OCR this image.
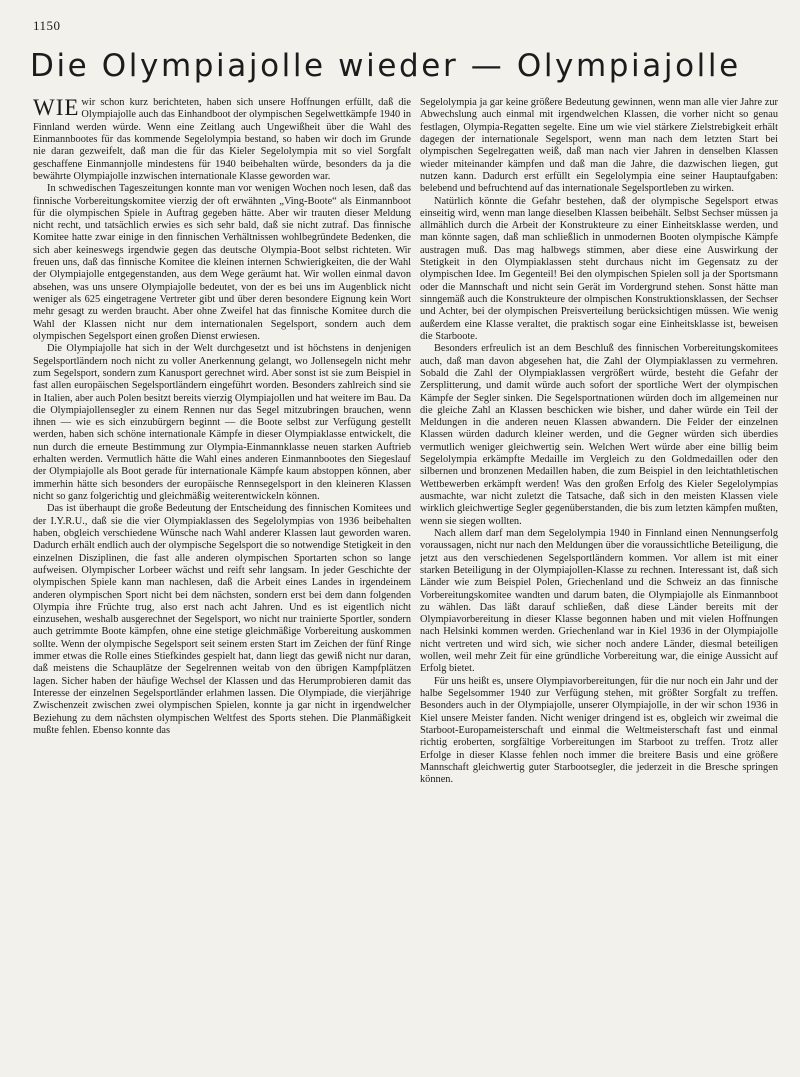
1150
Die Olympiajolle wieder — Olympiajolle

WIE wir schon kurz berichteten, haben sich unsere Hoffnungen erfüllt, daß die Olympiajolle auch das Einhandboot der olympischen Segelwettkämpfe 1940 in Finnland werden würde. Wenn eine Zeitlang auch Ungewißheit über die Wahl des Einmannbootes für das kommende Segelolympia bestand, so haben wir doch im Grunde nie daran gezweifelt, daß man die für das Kieler Segelolympia mit so viel Sorgfalt geschaffene Einmannjolle mindestens für 1940 beibehalten würde, besonders da ja die bewährte Olympiajolle inzwischen internationale Klasse geworden war.

In schwedischen Tageszeitungen konnte man vor wenigen Wochen noch lesen, daß das finnische Vorbereitungskomitee vierzig der oft erwähnten „Ving-Boote“ als Einmannboot für die olympischen Spiele in Auftrag gegeben hätte. Aber wir trauten dieser Meldung nicht recht, und tatsächlich erwies es sich sehr bald, daß sie nicht zutraf. Das finnische Komitee hatte zwar einige in den finnischen Verhältnissen wohlbegründete Bedenken, die sich aber keineswegs irgendwie gegen das deutsche Olympia-Boot selbst richteten. Wir freuen uns, daß das finnische Komitee die kleinen internen Schwierigkeiten, die der Wahl der Olympiajolle entgegenstanden, aus dem Wege geräumt hat. Wir wollen einmal davon absehen, was uns unsere Olympiajolle bedeutet, von der es bei uns im Augenblick nicht weniger als 625 eingetragene Vertreter gibt und über deren besondere Eignung kein Wort mehr gesagt zu werden braucht. Aber ohne Zweifel hat das finnische Komitee durch die Wahl der Klassen nicht nur dem internationalen Segelsport, sondern auch dem olympischen Segelsport einen großen Dienst erwiesen.

Die Olympiajolle hat sich in der Welt durchgesetzt und ist höchstens in denjenigen Segelsportländern noch nicht zu voller Anerkennung gelangt, wo Jollensegeln nicht mehr zum Segelsport, sondern zum Kanusport gerechnet wird. Aber sonst ist sie zum Beispiel in fast allen europäischen Segelsportländern eingeführt worden. Besonders zahlreich sind sie in Italien, aber auch Polen besitzt bereits vierzig Olympiajollen und hat weitere im Bau. Da die Olympiajollensegler zu einem Rennen nur das Segel mitzubringen brauchen, wenn ihnen — wie es sich einzubürgern beginnt — die Boote selbst zur Verfügung gestellt werden, haben sich schöne internationale Kämpfe in dieser Olympiaklasse entwickelt, die nun durch die erneute Bestimmung zur Olympia-Einmannklasse neuen starken Auftrieb erhalten werden. Vermutlich hätte die Wahl eines anderen Einmannbootes den Siegeslauf der Olympiajolle als Boot gerade für internationale Kämpfe kaum abstoppen können, aber immerhin hätte sich besonders der europäische Rennsegelsport in den kleineren Klassen nicht so ganz folgerichtig und gleichmäßig weiterentwickeln können.

Das ist überhaupt die große Bedeutung der Entscheidung des finnischen Komitees und der I.Y.R.U., daß sie die vier Olympiaklassen des Segelolympias von 1936 beibehalten haben, obgleich verschiedene Wünsche nach Wahl anderer Klassen laut geworden waren. Dadurch erhält endlich auch der olympische Segelsport die so notwendige Stetigkeit in den einzelnen Disziplinen, die fast alle anderen olympischen Sportarten schon so lange aufweisen. Olympischer Lorbeer wächst und reift sehr langsam. In jeder Geschichte der olympischen Spiele kann man nachlesen, daß die Arbeit eines Landes in irgendeinem anderen olympischen Sport nicht bei dem nächsten, sondern erst bei dem dann folgenden Olympia ihre Früchte trug, also erst nach acht Jahren. Und es ist eigentlich nicht einzusehen, weshalb ausgerechnet der Segelsport, wo nicht nur trainierte Sportler, sondern auch getrimmte Boote kämpfen, ohne eine stetige gleichmäßige Vorbereitung auskommen sollte. Wenn der olympische Segelsport seit seinem ersten Start im Zeichen der fünf Ringe immer etwas die Rolle eines Stiefkindes gespielt hat, dann liegt das gewiß nicht nur daran, daß meistens die Schauplätze der Segelrennen weitab von den übrigen Kampfplätzen lagen. Sicher haben der häufige Wechsel der Klassen und das Herumprobieren damit das Interesse der einzelnen Segelsportländer erlahmen lassen. Die Olympiade, die vierjährige Zwischenzeit zwischen zwei olympischen Spielen, konnte ja gar nicht in irgendwelcher Beziehung zu dem nächsten olympischen Weltfest des Sports stehen. Die Planmäßigkeit mußte fehlen. Ebenso konnte das

Segelolympia ja gar keine größere Bedeutung gewinnen, wenn man alle vier Jahre zur Abwechslung auch einmal mit irgendwelchen Klassen, die vorher nicht so genau festlagen, Olympia-Regatten segelte. Eine um wie viel stärkere Zielstrebigkeit erhält dagegen der internationale Segelsport, wenn man nach dem letzten Start bei olympischen Segelregatten weiß, daß man nach vier Jahren in denselben Klassen wieder miteinander kämpfen und daß man die Jahre, die dazwischen liegen, gut nutzen kann. Dadurch erst erfüllt ein Segelolympia eine seiner Hauptaufgaben: belebend und befruchtend auf das internationale Segelsportleben zu wirken.

Natürlich könnte die Gefahr bestehen, daß der olympische Segelsport etwas einseitig wird, wenn man lange dieselben Klassen beibehält. Selbst Sechser müssen ja allmählich durch die Arbeit der Konstrukteure zu einer Einheitsklasse werden, und man könnte sagen, daß man schließlich in unmodernen Booten olympische Kämpfe austragen muß. Das mag halbwegs stimmen, aber diese eine Auswirkung der Stetigkeit in den Olympiaklassen steht durchaus nicht im Gegensatz zu der olympischen Idee. Im Gegenteil! Bei den olympischen Spielen soll ja der Sportsmann oder die Mannschaft und nicht sein Gerät im Vordergrund stehen. Sonst hätte man sinngemäß auch die Konstrukteure der olmpischen Konstruktionsklassen, der Sechser und Achter, bei der olympischen Preisverteilung berücksichtigen müssen. Wie wenig außerdem eine Klasse veraltet, die praktisch sogar eine Einheitsklasse ist, beweisen die Starboote.

Besonders erfreulich ist an dem Beschluß des finnischen Vorbereitungskomitees auch, daß man davon abgesehen hat, die Zahl der Olympiaklassen zu vermehren. Sobald die Zahl der Olympiaklassen vergrößert würde, besteht die Gefahr der Zersplitterung, und damit würde auch sofort der sportliche Wert der olympischen Kämpfe der Segler sinken. Die Segelsportnationen würden doch im allgemeinen nur die gleiche Zahl an Klassen beschicken wie bisher, und daher würde ein Teil der Meldungen in die anderen neuen Klassen abwandern. Die Felder der einzelnen Klassen würden dadurch kleiner werden, und die Gegner würden sich überdies vermutlich weniger gleichwertig sein. Welchen Wert würde aber eine billig beim Segelolympia erkämpfte Medaille im Vergleich zu den Goldmedaillen oder den silbernen und bronzenen Medaillen haben, die zum Beispiel in den leichtathletischen Wettbewerben erkämpft werden! Was den großen Erfolg des Kieler Segelolympias ausmachte, war nicht zuletzt die Tatsache, daß sich in den meisten Klassen viele wirklich gleichwertige Segler gegenüberstanden, die bis zum letzten kämpfen mußten, wenn sie siegen wollten.

Nach allem darf man dem Segelolympia 1940 in Finnland einen Nennungserfolg voraussagen, nicht nur nach den Meldungen über die voraussichtliche Beteiligung, die jetzt aus den verschiedenen Segelsportländern kommen. Vor allem ist mit einer starken Beteiligung in der Olympiajollen-Klasse zu rechnen. Interessant ist, daß sich Länder wie zum Beispiel Polen, Griechenland und die Schweiz an das finnische Vorbereitungskomitee wandten und darum baten, die Olympiajolle als Einmannboot zu wählen. Das läßt darauf schließen, daß diese Länder bereits mit der Olympiavorbereitung in dieser Klasse begonnen haben und mit vielen Hoffnungen nach Helsinki kommen werden. Griechenland war in Kiel 1936 in der Olympiajolle nicht vertreten und wird sich, wie sicher noch andere Länder, diesmal beteiligen wollen, weil mehr Zeit für eine gründliche Vorbereitung war, die einige Aussicht auf Erfolg bietet.

Für uns heißt es, unsere Olympiavorbereitungen, für die nur noch ein Jahr und der halbe Segelsommer 1940 zur Verfügung stehen, mit größter Sorgfalt zu treffen. Besonders auch in der Olympiajolle, unserer Olympiajolle, in der wir schon 1936 in Kiel unsere Meister fanden. Nicht weniger dringend ist es, obgleich wir zweimal die Starboot-Europameisterschaft und einmal die Weltmeisterschaft fast und einmal richtig eroberten, sorgfältige Vorbereitungen im Starboot zu treffen. Trotz aller Erfolge in dieser Klasse fehlen noch immer die breitere Basis und eine größere Mannschaft gleichwertig guter Starbootsegler, die jederzeit in die Bresche springen können.
